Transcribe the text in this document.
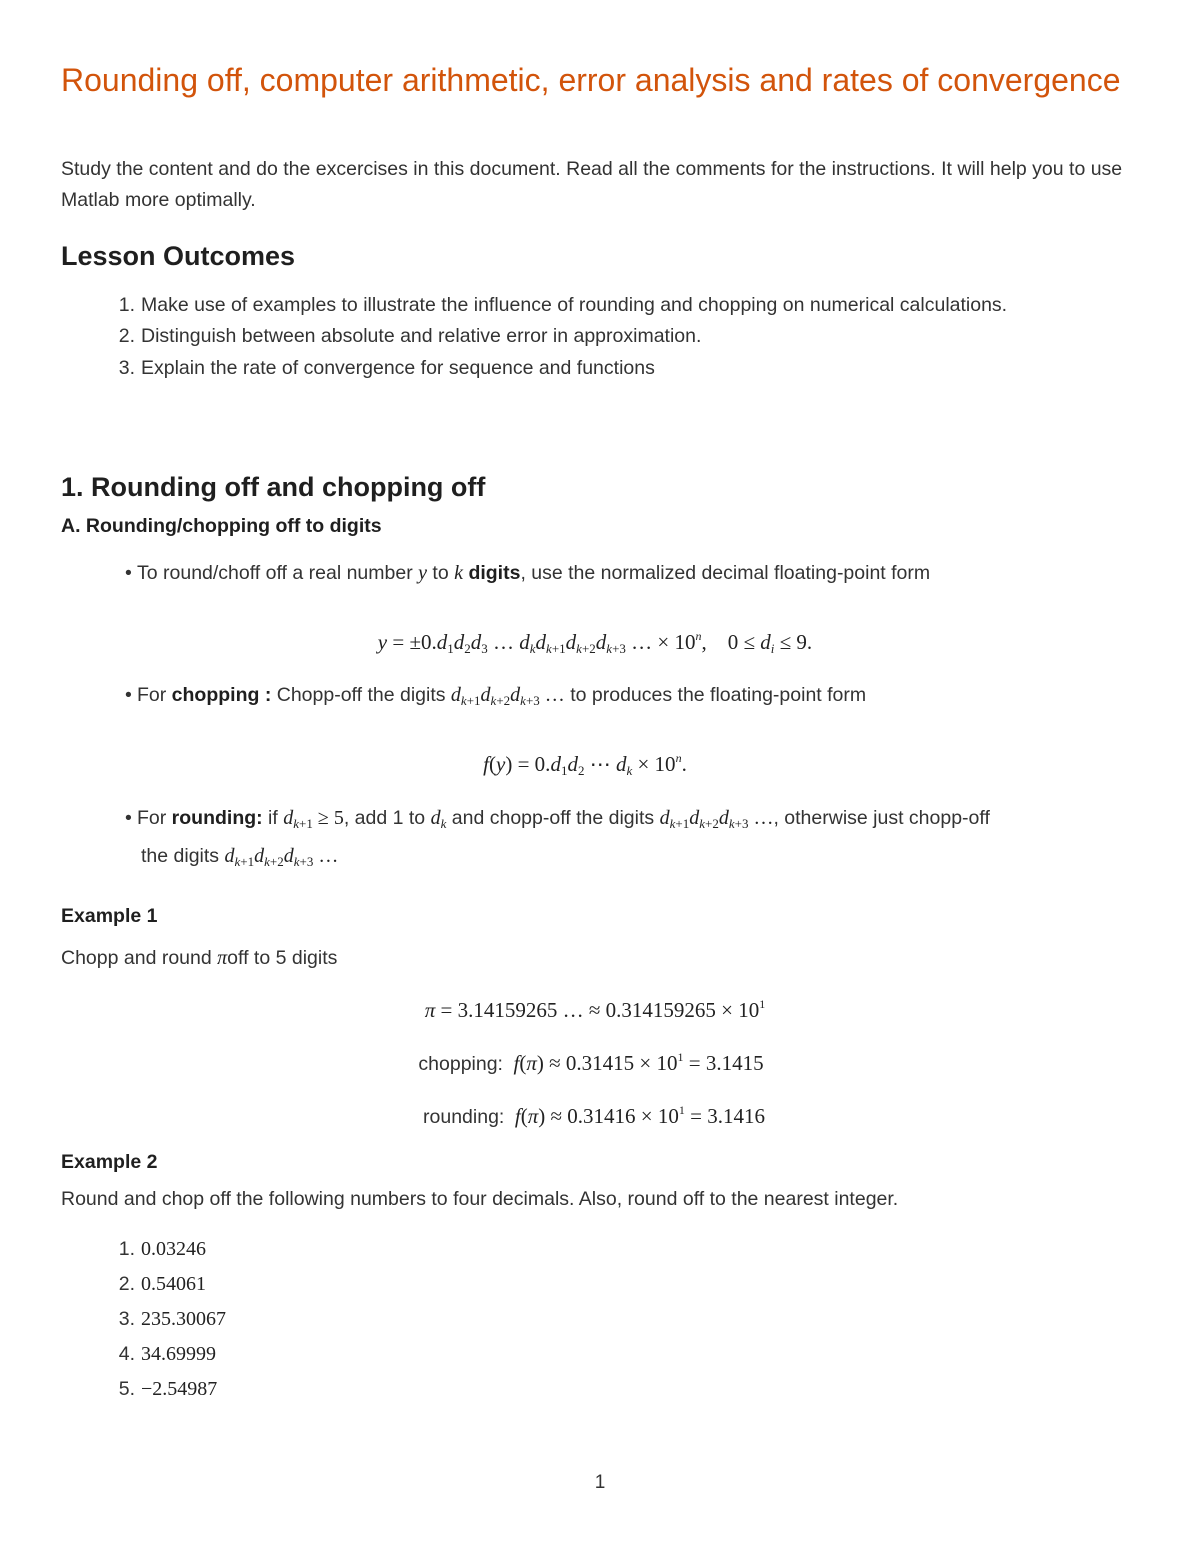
Rounding off, computer arithmetic, error analysis and rates of convergence
Study the content and do the excercises in this document. Read all the comments for the instructions. It will help you to use Matlab more optimally.
Lesson Outcomes
1. Make use of examples to illustrate the influence of rounding and chopping on numerical calculations.
2. Distinguish between absolute and relative error in approximation.
3. Explain the rate of convergence for sequence and functions
1. Rounding off and chopping off
A. Rounding/chopping off to digits
• To round/choff off a real number y to k digits, use the normalized decimal floating-point form
$y = \pm 0.d_1d_2d_3$ … $d_kd_{k+1}d_{k+2}d_{k+3}$ … × $10^n$,    $0 \le d_i \le 9$.
• For chopping : Chopp-off the digits $d_{k+1}d_{k+2}d_{k+3}$ … to produces the floating-point form
$f(y) = 0.d_1d_2$ ⋯ $d_k \times 10^n$.
• For rounding: if $d_{k+1} \ge 5$, add 1 to $d_k$ and chopp-off the digits $d_{k+1}d_{k+2}d_{k+3}$ …, otherwise just chopp-off
the digits $d_{k+1}d_{k+2}d_{k+3}$ …
Example 1
Chopp and round πoff to 5 digits
π = 3.14159265 … ≈ $0.314159265 \times 10^1$
chopping: $f(\pi) \approx 0.31415 \times 10^1 = 3.1415$
rounding: $f(\pi) \approx 0.31416 \times 10^1 = 3.1416$
Example 2
Round and chop off the following numbers to four decimals. Also, round off to the nearest integer.
1. 0.03246
2. 0.54061
3. 235.30067
4. 34.69999
5. −2.54987
1
